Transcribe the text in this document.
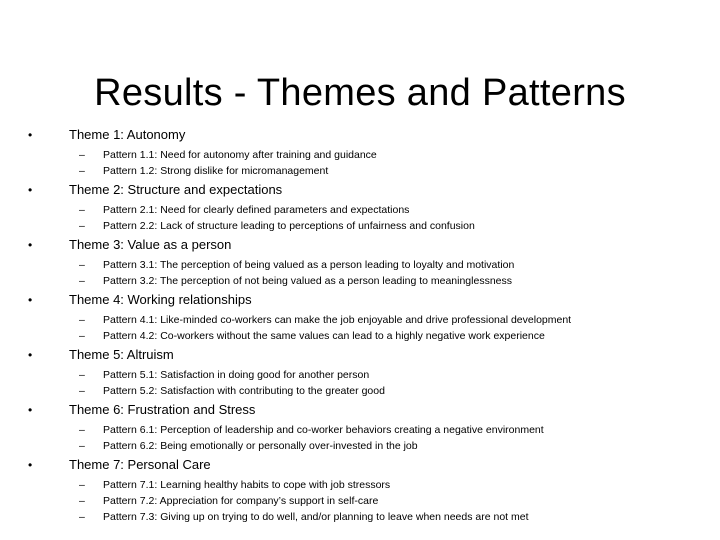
Results - Themes and Patterns
•	Theme 1: Autonomy
– Pattern 1.1: Need for autonomy after training and guidance
– Pattern 1.2: Strong dislike for micromanagement
•	Theme 2: Structure and expectations
– Pattern 2.1: Need for clearly defined parameters and expectations
– Pattern 2.2: Lack of structure leading to perceptions of unfairness and confusion
•	Theme 3: Value as a person
– Pattern 3.1: The perception of being valued as a person leading to loyalty and motivation
– Pattern 3.2: The perception of not being valued as a person leading to meaninglessness
•	Theme 4: Working relationships
– Pattern 4.1: Like-minded co-workers can make the job enjoyable and drive professional development
– Pattern 4.2: Co-workers without the same values can lead to a highly negative work experience
•	Theme 5: Altruism
– Pattern 5.1: Satisfaction in doing good for another person
– Pattern 5.2: Satisfaction with contributing to the greater good
•	Theme 6: Frustration and Stress
– Pattern 6.1: Perception of leadership and co-worker behaviors creating a negative environment
– Pattern 6.2: Being emotionally or personally over-invested in the job
•	Theme 7: Personal Care
– Pattern 7.1: Learning healthy habits to cope with job stressors
– Pattern 7.2: Appreciation for company’s support in self-care
– Pattern 7.3: Giving up on trying to do well, and/or planning to leave when needs are not met
